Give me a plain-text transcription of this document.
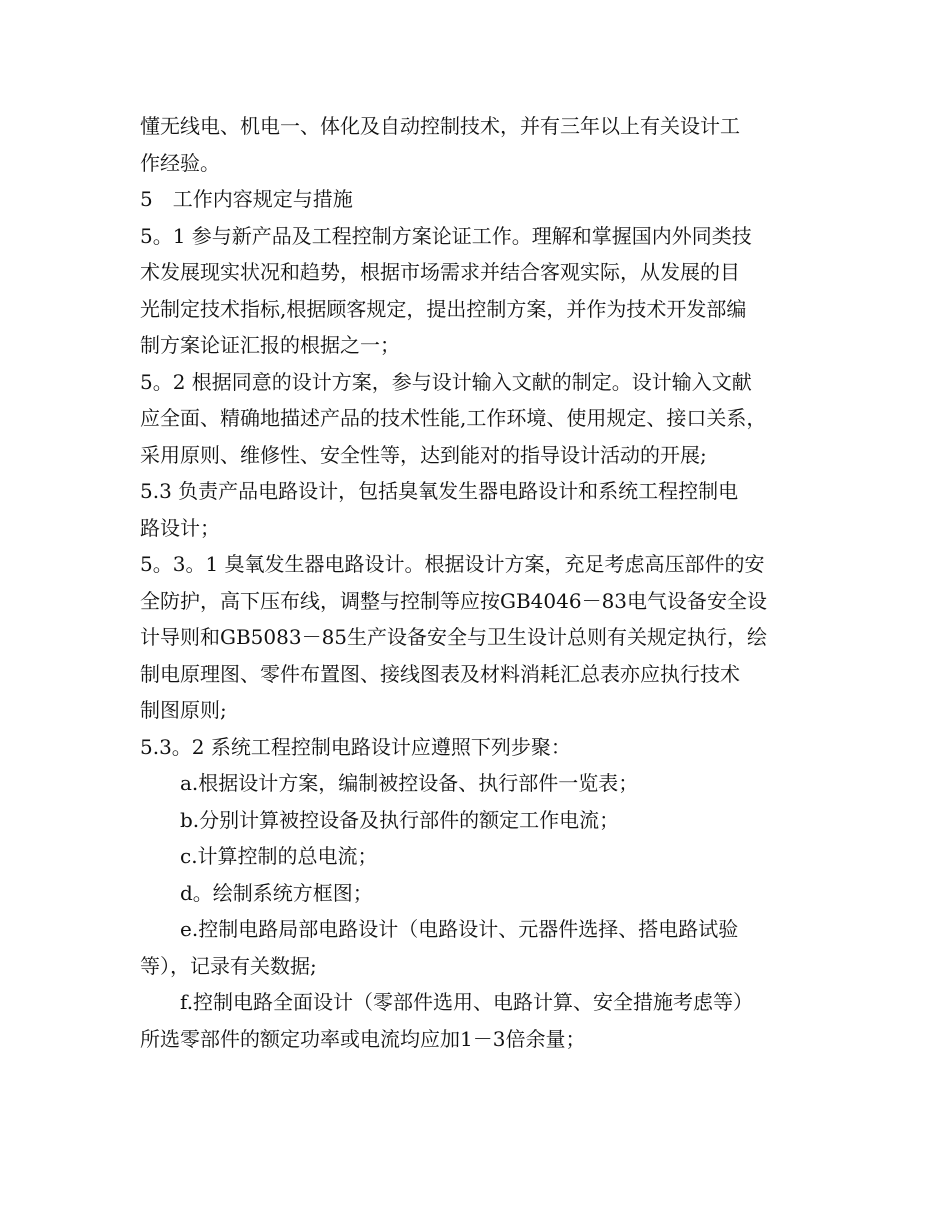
懂无线电、机电一、体化及自动控制技术，并有三年以上有关设计工
作经验。
5　工作内容规定与措施
5。1 参与新产品及工程控制方案论证工作。理解和掌握国内外同类技
术发展现实状况和趋势，根据市场需求并结合客观实际，从发展的目
光制定技术指标,根据顾客规定，提出控制方案，并作为技术开发部编
制方案论证汇报的根据之一；
5。2 根据同意的设计方案，参与设计输入文献的制定。设计输入文献
应全面、精确地描述产品的技术性能,工作环境、使用规定、接口关系，
采用原则、维修性、安全性等，达到能对的指导设计活动的开展;
5.3 负责产品电路设计，包括臭氧发生器电路设计和系统工程控制电
路设计；
5。3。1 臭氧发生器电路设计。根据设计方案，充足考虑高压部件的安
全防护，高下压布线，调整与控制等应按GB4046－83电气设备安全设
计导则和GB5083－85生产设备安全与卫生设计总则有关规定执行，绘
制电原理图、零件布置图、接线图表及材料消耗汇总表亦应执行技术
制图原则;
5.3。2 系统工程控制电路设计应遵照下列步聚：
a.根据设计方案，编制被控设备、执行部件一览表；
b.分别计算被控设备及执行部件的额定工作电流；
c.计算控制的总电流；
d。绘制系统方框图；
e.控制电路局部电路设计（电路设计、元器件选择、搭电路试验
等），记录有关数据;
f.控制电路全面设计（零部件选用、电路计算、安全措施考虑等）
所选零部件的额定功率或电流均应加1－3倍余量；
